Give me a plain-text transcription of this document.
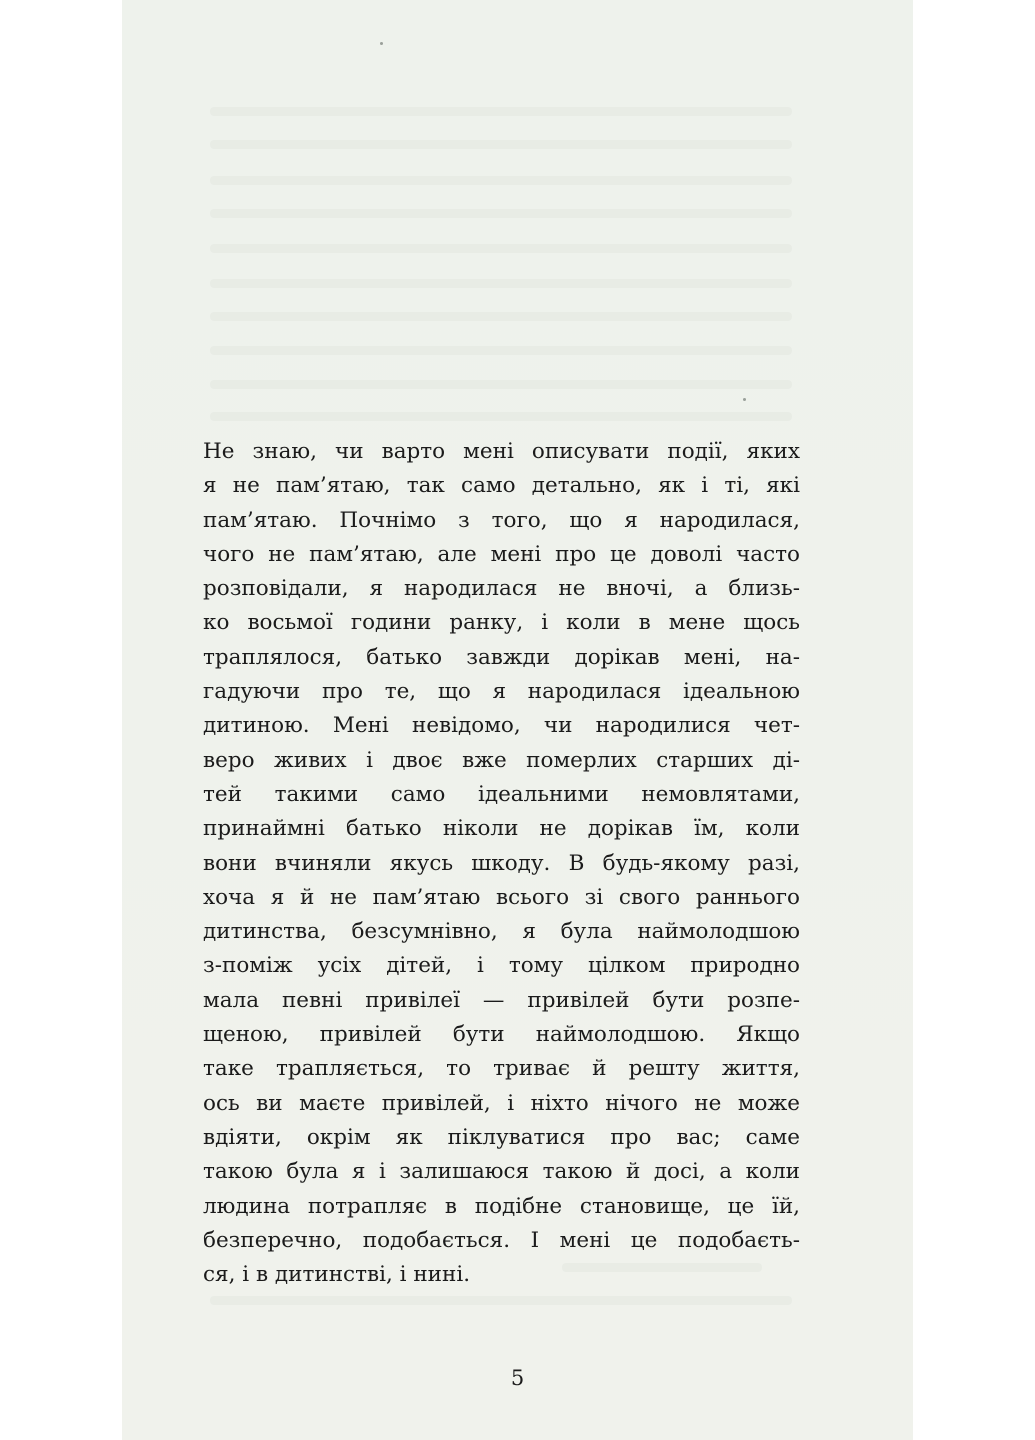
Не знаю, чи варто мені описувати події, яких
я не пам’ятаю, так само детально, як і ті, які
пам’ятаю. Почнімо з того, що я народилася,
чого не пам’ятаю, але мені про це доволі часто
розповідали, я народилася не вночі, а близь-
ко восьмої години ранку, і коли в мене щось
траплялося, батько завжди дорікав мені, на-
гадуючи про те, що я народилася ідеальною
дитиною. Мені невідомо, чи народилися чет-
веро живих і двоє вже померлих старших ді-
тей такими само ідеальними немовлятами,
принаймні батько ніколи не дорікав їм, коли
вони вчиняли якусь шкоду. В будь-якому разі,
хоча я й не пам’ятаю всього зі свого раннього
дитинства, безсумнівно, я була наймолодшою
з-поміж усіх дітей, і тому цілком природно
мала певні привілеї — привілей бути розпе-
щеною, привілей бути наймолодшою. Якщо
таке трапляється, то триває й решту життя,
ось ви маєте привілей, і ніхто нічого не може
вдіяти, окрім як піклуватися про вас; саме
такою була я і залишаюся такою й досі, а коли
людина потрапляє в подібне становище, це їй,
безперечно, подобається. І мені це подобаєть-
ся, і в дитинстві, і нині.
5
